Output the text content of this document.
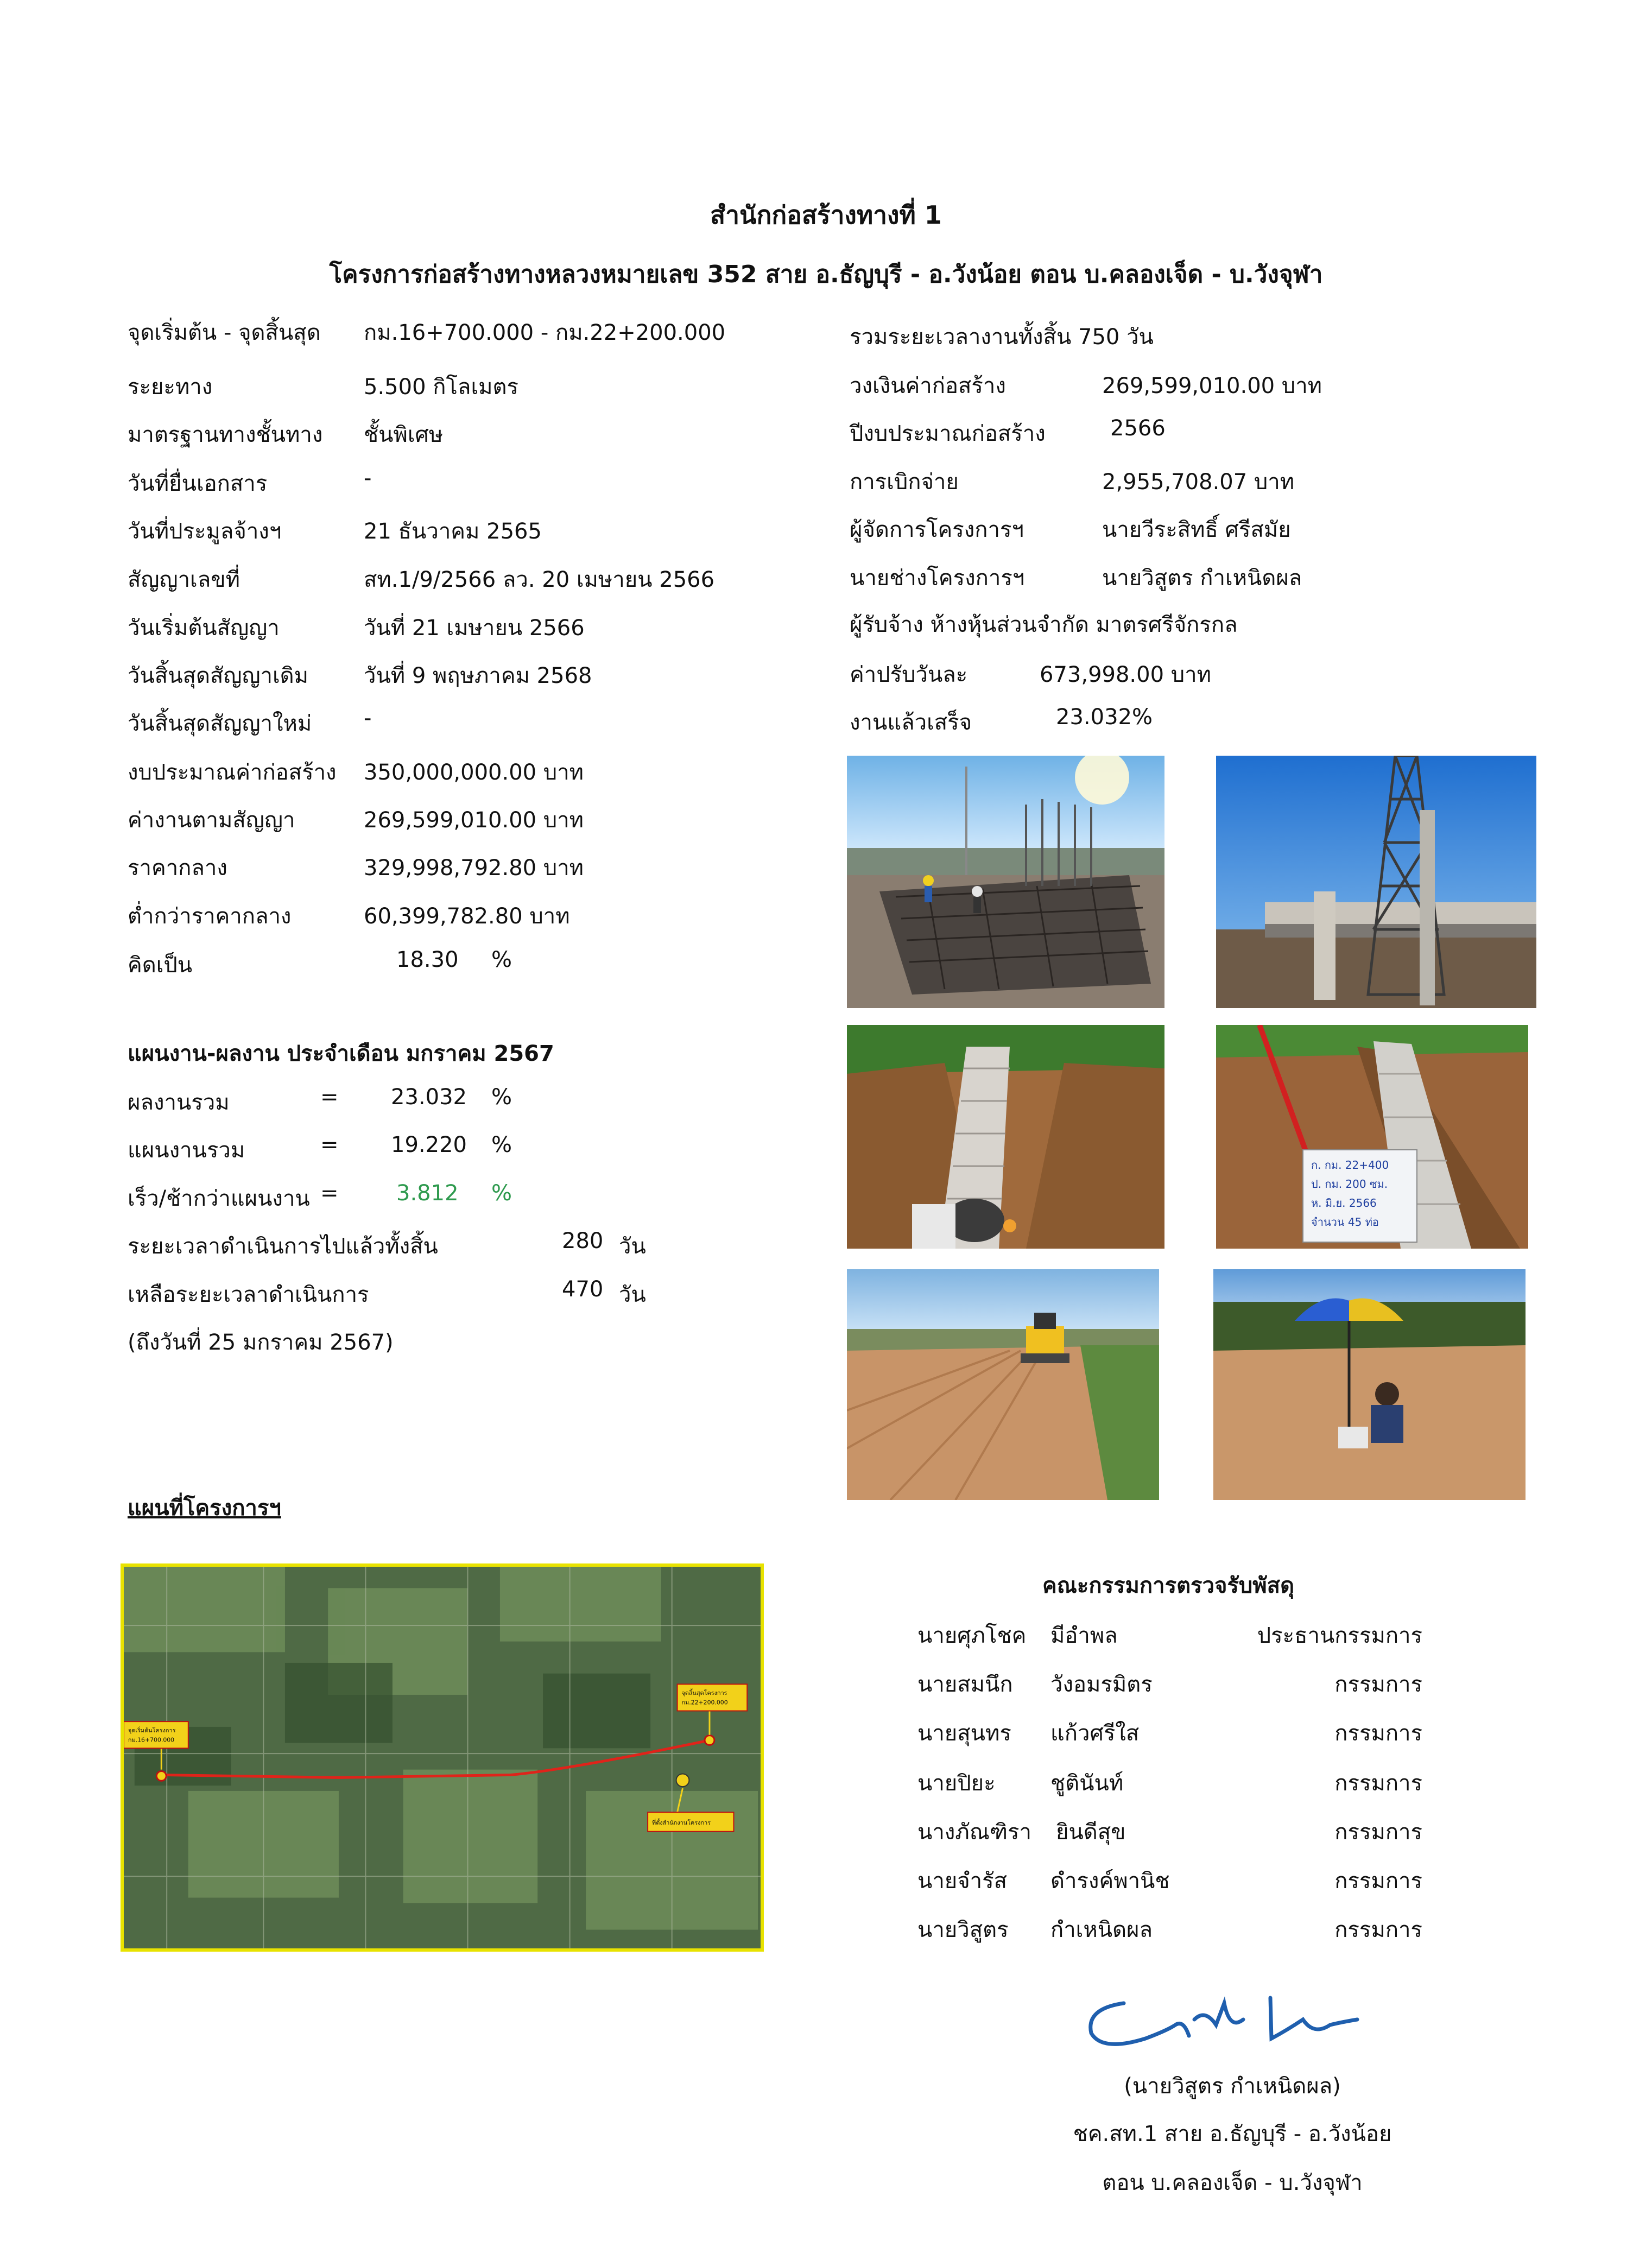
สำนักก่อสร้างทางที่ 1
โครงการก่อสร้างทางหลวงหมายเลข 352 สาย อ.ธัญบุรี - อ.วังน้อย ตอน บ.คลองเจ็ด - บ.วังจุฬา
จุดเริ่มต้น - จุดสิ้นสุด กม.16+700.000 - กม.22+200.000
ระยะทาง	5.500 กิโลเมตร
มาตรฐานทางชั้นทาง ชั้นพิเศษ
วันที่ยื่นเอกสาร	-
วันที่ประมูลจ้างฯ	21 ธันวาคม 2565
สัญญาเลขที่	สท.1/9/2566 ลว. 20 เมษายน 2566
วันเริ่มต้นสัญญา	วันที่ 21 เมษายน 2566
วันสิ้นสุดสัญญาเดิม	วันที่ 9 พฤษภาคม 2568
วันสิ้นสุดสัญญาใหม่ -
งบประมาณค่าก่อสร้าง 350,000,000.00 บาท
ค่างานตามสัญญา	269,599,010.00 บาท
ราคากลาง	329,998,792.80 บาท
ต่ำกว่าราคากลาง	60,399,782.80 บาท
คิดเป็น	18.30 %
รวมระยะเวลางานทั้งสิ้น 750 วัน
วงเงินค่าก่อสร้าง	269,599,010.00 บาท
ปีงบประมาณก่อสร้าง	2566
การเบิกจ่าย	2,955,708.07 บาท
ผู้จัดการโครงการฯ	นายวีระสิทธิ์ ศรีสมัย
นายช่างโครงการฯ	นายวิสูตร กำเหนิดผล
ผู้รับจ้าง ห้างหุ้นส่วนจำกัด มาตรศรีจักรกล
ค่าปรับวันละ	673,998.00 บาท
งานแล้วเสร็จ	23.032%
แผนงาน-ผลงาน ประจำเดือน มกราคม 2567
ผลงานรวม	= 23.032 %
แผนงานรวม	= 19.220 %
เร็ว/ช้ากว่าแผนงาน =	3.812 %
ระยะเวลาดำเนินการไปแล้วทั้งสิ้น	280 วัน
เหลือระยะเวลาดำเนินการ	470 วัน
(ถึงวันที่ 25 มกราคม 2567)
ก. กม. 22+400
ป. กม. 200 ซม.
ห. มิ.ย. 2566
จำนวน 45 ท่อ
แผนที่โครงการฯ
จุดเริ่มต้นโครงการ
กม.16+700.000
จุดสิ้นสุดโครงการ
กม.22+200.000
ที่ตั้งสำนักงานโครงการ
คณะกรรมการตรวจรับพัสดุ
นายศุภโชค มีอำพล	ประธานกรรมการ
นายสมนึก วังอมรมิตร	กรรมการ
นายสุนทร แก้วศรีใส	กรรมการ
นายปิยะ	ชูตินันท์	กรรมการ
นางภัณฑิรา ยินดีสุข	กรรมการ
นายจำรัส ดำรงค์พานิช	กรรมการ
นายวิสูตร กำเหนิดผล	กรรมการ
(นายวิสูตร กำเหนิดผล)
ชค.สท.1 สาย อ.ธัญบุรี - อ.วังน้อย
ตอน บ.คลองเจ็ด - บ.วังจุฬา
